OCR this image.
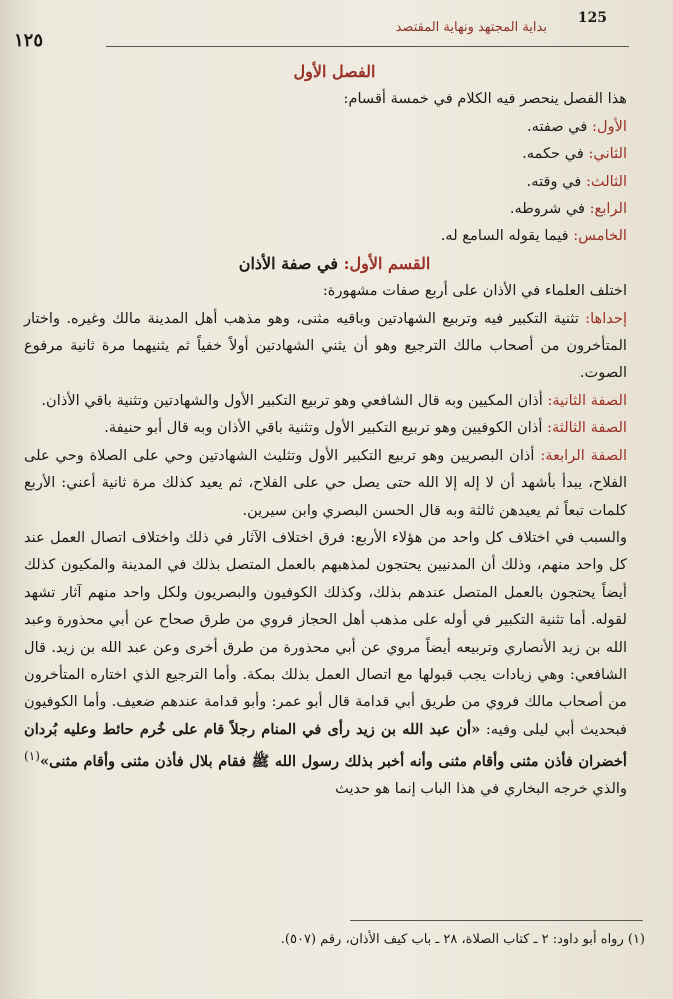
125
بداية المجتهد ونهاية المقتصد
١٢٥

الفصل الأول

هذا الفصل ينحصر فيه الكلام في خمسة أقسام:

الأول: في صفته.

الثاني: في حكمه.

الثالث: في وقته.

الرابع: في شروطه.

الخامس: فيما يقوله السامع له.

القسم الأول: في صفة الأذان

اختلف العلماء في الأذان على أربع صفات مشهورة:

إحداها: تثنية التكبير فيه وتربيع الشهادتين وباقيه مثنى، وهو مذهب أهل المدينة مالك وغيره. واختار المتأخرون من أصحاب مالك الترجيع وهو أن يثني الشهادتين أولاً خفياً ثم يثنيهما مرة ثانية مرفوع الصوت.

الصفة الثانية: أذان المكيين وبه قال الشافعي وهو تربيع التكبير الأول والشهادتين وتثنية باقي الأذان.

الصفة الثالثة: أذان الكوفيين وهو تربيع التكبير الأول وتثنية باقي الأذان وبه قال أبو حنيفة.

الصفة الرابعة: أذان البصريين وهو تربيع التكبير الأول وتثليث الشهادتين وحي على الصلاة وحي على الفلاح، يبدأ بأشهد أن لا إله إلا الله حتى يصل حي على الفلاح، ثم يعيد كذلك مرة ثانية أعني: الأربع كلمات تبعاً ثم يعيدهن ثالثة وبه قال الحسن البصري وابن سيرين.

والسبب في اختلاف كل واحد من هؤلاء الأربع: فرق اختلاف الآثار في ذلك واختلاف اتصال العمل عند كل واحد منهم، وذلك أن المدنيين يحتجون لمذهبهم بالعمل المتصل بذلك في المدينة والمكيون كذلك أيضاً يحتجون بالعمل المتصل عندهم بذلك، وكذلك الكوفيون والبصريون ولكل واحد منهم آثار تشهد لقوله. أما تثنية التكبير في أوله على مذهب أهل الحجاز فروي من طرق صحاح عن أبي محذورة وعبد الله بن زيد الأنصاري وتربيعه أيضاً مروي عن أبي محذورة من طرق أخرى وعن عبد الله بن زيد. قال الشافعي: وهي زيادات يجب قبولها مع اتصال العمل بذلك بمكة. وأما الترجيع الذي اختاره المتأخرون من أصحاب مالك فروي من طريق أبي قدامة قال أبو عمر: وأبو قدامة عندهم ضعيف. وأما الكوفيون فبحديث أبي ليلى وفيه: «أن عبد الله بن زيد رأى في المنام رجلاً قام على خُرم حائط وعليه بُردان أخضران فأذن مثنى وأقام مثنى وأنه أخبر بذلك رسول الله ﷺ فقام بلال فأذن مثنى وأقام مثنى»$^{(١)}$ والذي خرجه البخاري في هذا الباب إنما هو حديث

(١) رواه أبو داود: ٢ ـ كتاب الصلاة، ٢٨ ـ باب كيف الأذان، رقم (٥٠٧).
